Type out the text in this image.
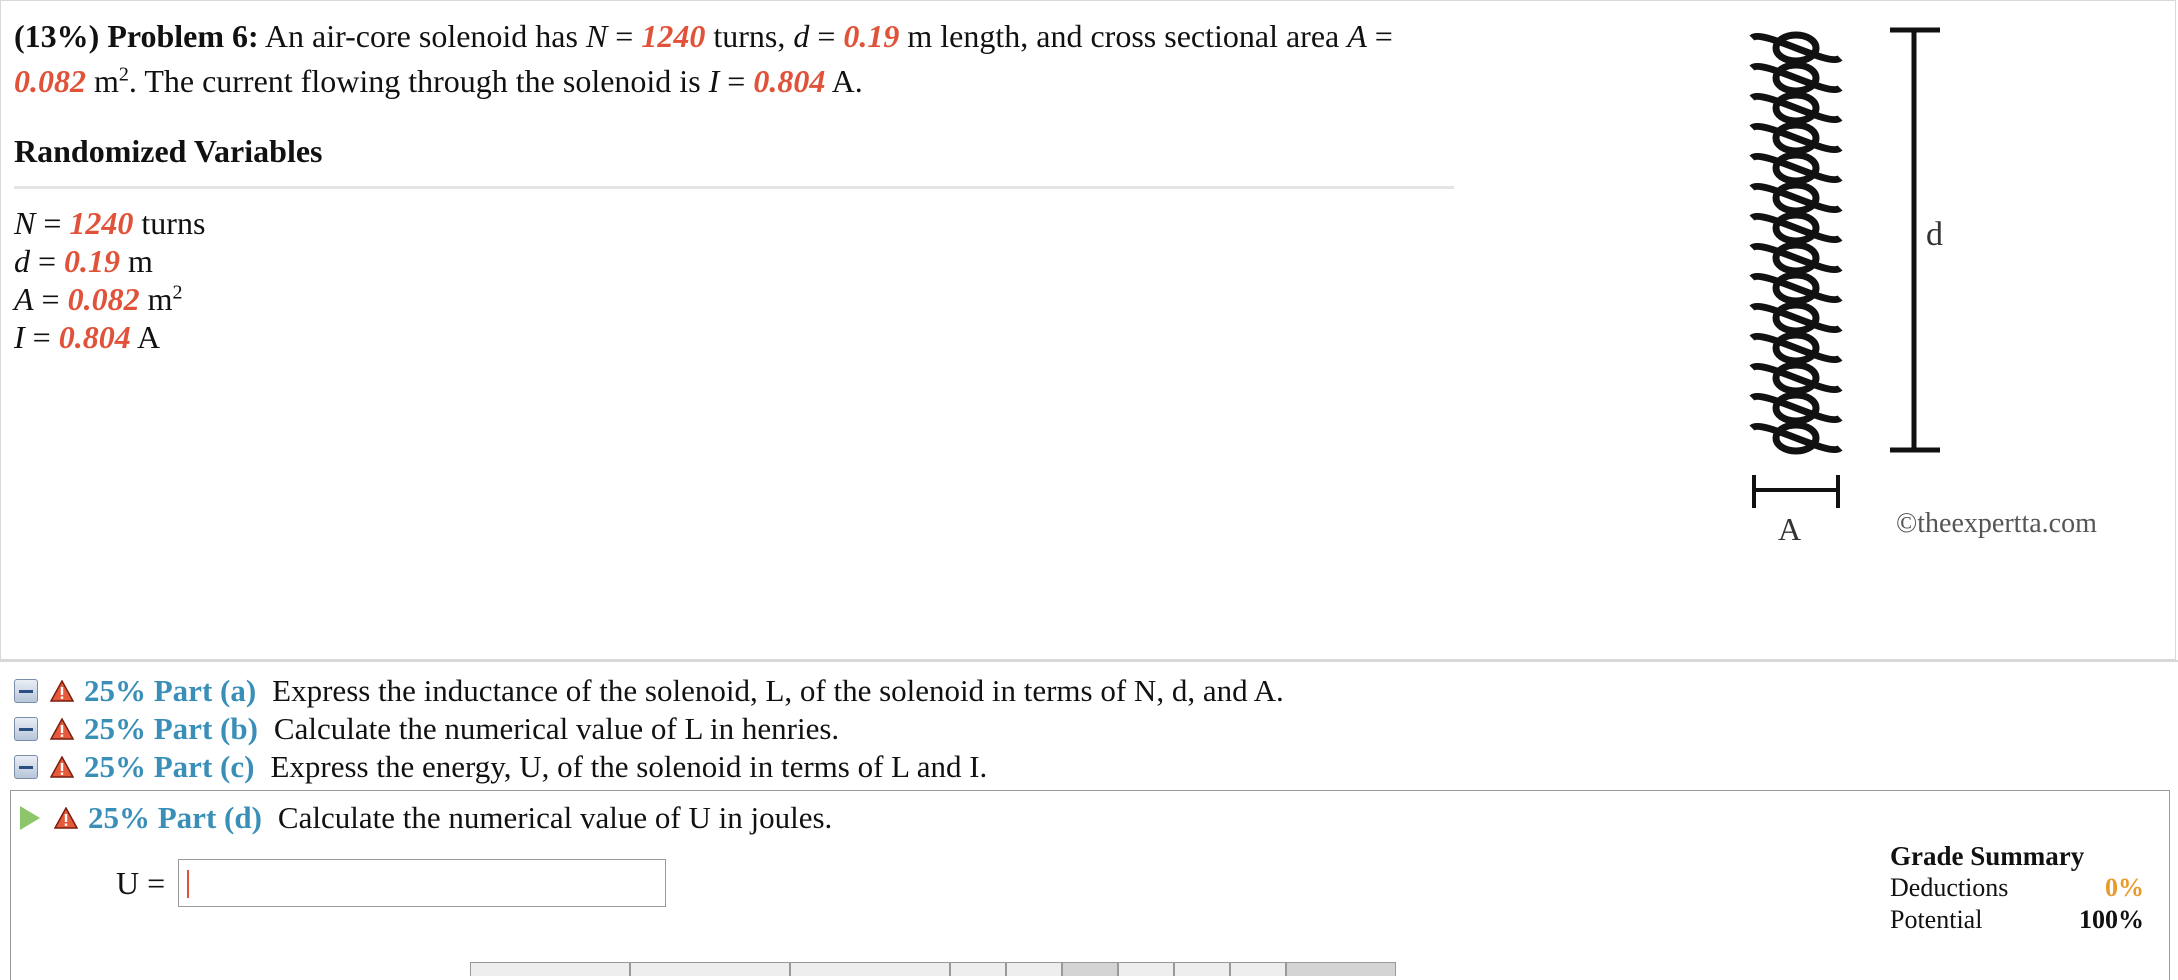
(13%) Problem 6: An air-core solenoid has N = 1240 turns, d = 0.19 m length, and cross sectional area A =
0.082 $m^2$. The current flowing through the solenoid is I = 0.804 A.
Randomized Variables
N = 1240 turns
d = 0.19 m
A = 0.082 $m^2$
I = 0.804 A
d
A	©theexpertta.com
25% Part (a) Express the inductance of the solenoid, L, of the solenoid in terms of N, d, and A.
25% Part (b) Calculate the numerical value of L in henries.
25% Part (c) Express the energy, U, of the solenoid in terms of L and I.
25% Part (d) Calculate the numerical value of U in joules.
U =
Grade Summary
Deductions	0%
Potential	100%
